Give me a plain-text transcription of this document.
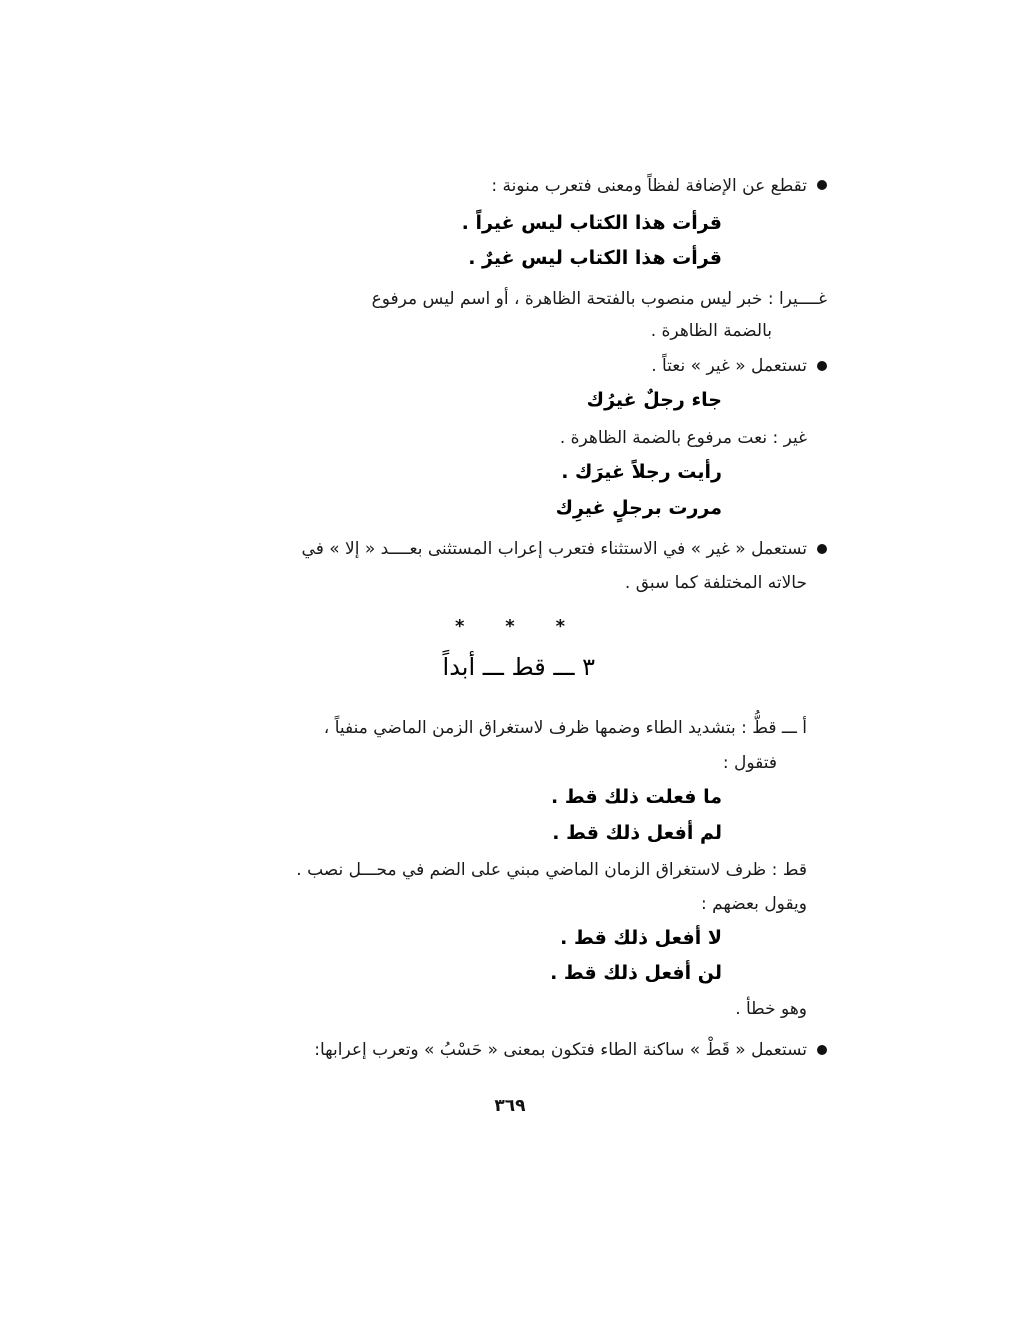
تقطع عن الإضافة لفظاً ومعنى فتعرب منونة :
قرأت هذا الكتاب ليس غيراً .
قرأت هذا الكتاب ليس غيرٌ .
غــــيرا : خبر ليس منصوب بالفتحة الظاهرة ، أو اسم ليس مرفوع
بالضمة الظاهرة .
تستعمل « غير » نعتاً .
جاء رجلٌ غيرُك
غير : نعت مرفوع بالضمة الظاهرة .
رأيت رجلاً غيرَك .
مررت برجلٍ غيرِك
تستعمل « غير » في الاستثناء فتعرب إعراب المستثنى بعــــد « إلا » في
حالاته المختلفة كما سبق .
* * *
٣ ـــ قط ـــ أبداً
أ ـــ قطُّ : بتشديد الطاء وضمها ظرف لاستغراق الزمن الماضي منفياً ،
فتقول :
ما فعلت ذلك قط .
لم أفعل ذلك قط .
قط : ظرف لاستغراق الزمان الماضي مبني على الضم في محـــل نصب .
ويقول بعضهم :
لا أفعل ذلك قط .
لن أفعل ذلك قط .
وهو خطأ .
تستعمل « قَطْ » ساكنة الطاء فتكون بمعنى « حَسْبُ » وتعرب إعرابها:
٣٦٩
